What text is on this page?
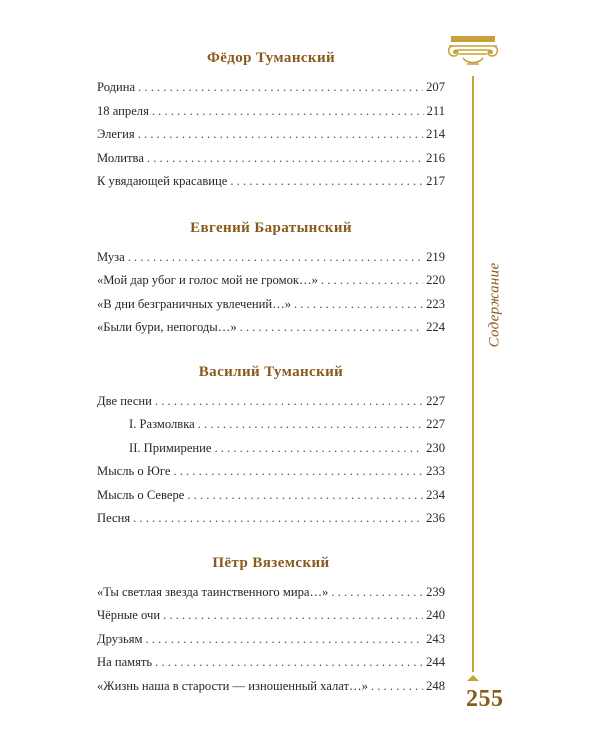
Содержание
255
Фёдор Туманский
Родина . . .	207
18 апреля . . .	211
Элегия . . .	214
Молитва . . .	216
К увядающей красавице . . .	217
Евгений Баратынский
Муза . . .	219
«Мой дар убог и голос мой не громок…» . . .	220
«В дни безграничных увлечений…» . . .	223
«Были бури, непогоды…» . . .	224
Василий Туманский
Две песни . . .	227
I. Размолвка . . .	227
II. Примирение . . .	230
Мысль о Юге . . .	233
Мысль о Севере . . .	234
Песня . . .	236
Пётр Вяземский
«Ты светлая звезда таинственного мира…» . . .	239
Чёрные очи . . .	240
Друзьям . . .	243
На память . . .	244
«Жизнь наша в старости — изношенный халат…» . . .	248
